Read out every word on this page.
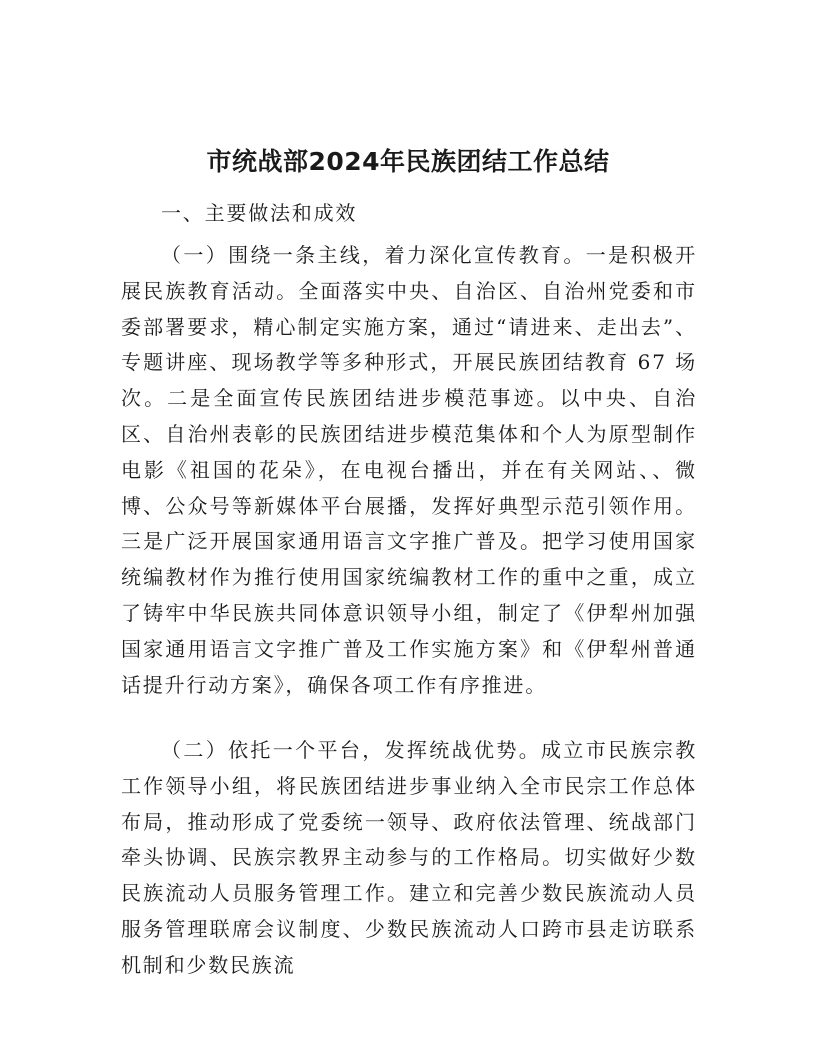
市统战部2024年民族团结工作总结

一、主要做法和成效

（一）围绕一条主线，着力深化宣传教育。一是积极开展民族教育活动。全面落实中央、自治区、自治州党委和市委部署要求，精心制定实施方案，通过“请进来、走出去”、专题讲座、现场教学等多种形式，开展民族团结教育 67 场次。二是全面宣传民族团结进步模范事迹。以中央、自治区、自治州表彰的民族团结进步模范集体和个人为原型制作电影《祖国的花朵》，在电视台播出，并在有关网站、、微博、公众号等新媒体平台展播，发挥好典型示范引领作用。三是广泛开展国家通用语言文字推广普及。把学习使用国家统编教材作为推行使用国家统编教材工作的重中之重，成立了铸牢中华民族共同体意识领导小组，制定了《伊犁州加强国家通用语言文字推广普及工作实施方案》和《伊犁州普通话提升行动方案》，确保各项工作有序推进。

（二）依托一个平台，发挥统战优势。成立市民族宗教工作领导小组，将民族团结进步事业纳入全市民宗工作总体布局，推动形成了党委统一领导、政府依法管理、统战部门牵头协调、民族宗教界主动参与的工作格局。切实做好少数民族流动人员服务管理工作。建立和完善少数民族流动人员服务管理联席会议制度、少数民族流动人口跨市县走访联系机制和少数民族流
